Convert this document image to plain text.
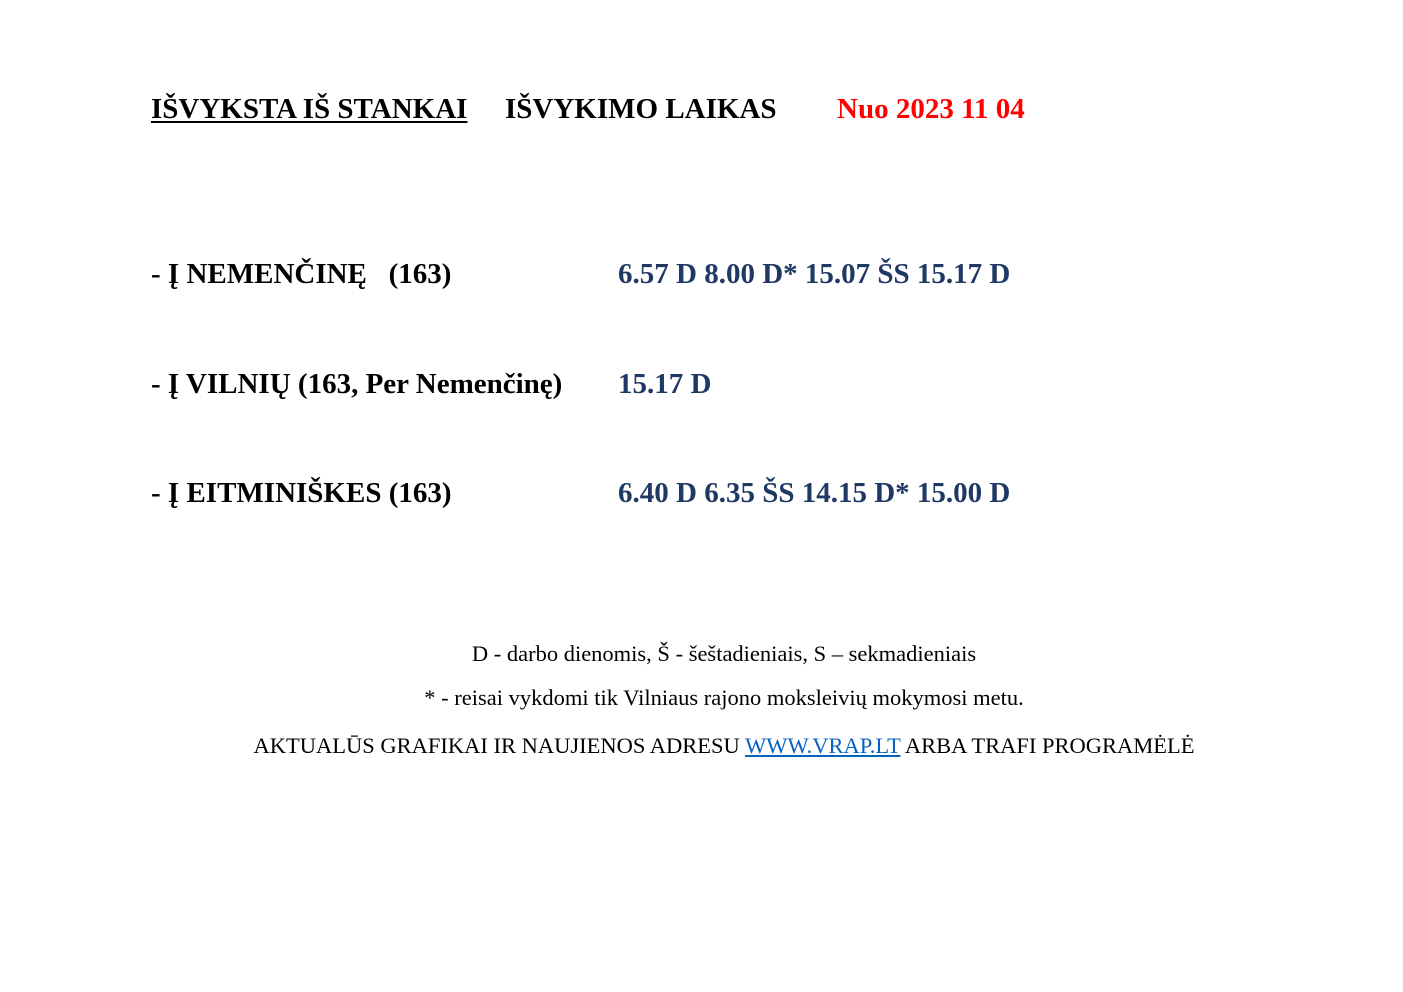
IŠVYKSTA IŠ STANKAI IŠVYKIMO LAIKAS Nuo 2023 11 04
- Į NEMENČINĘ   (163)	6.57 D 8.00 D* 15.07 ŠS 15.17 D
- Į VILNIŲ (163, Per Nemenčinę) 15.17 D
- Į EITMINIŠKES (163)	6.40 D 6.35 ŠS 14.15 D* 15.00 D
D - darbo dienomis, Š - šeštadieniais, S – sekmadieniais
* - reisai vykdomi tik Vilniaus rajono moksleivių mokymosi metu.
AKTUALŪS GRAFIKAI IR NAUJIENOS ADRESU WWW.VRAP.LT ARBA TRAFI PROGRAMĖLĖ
